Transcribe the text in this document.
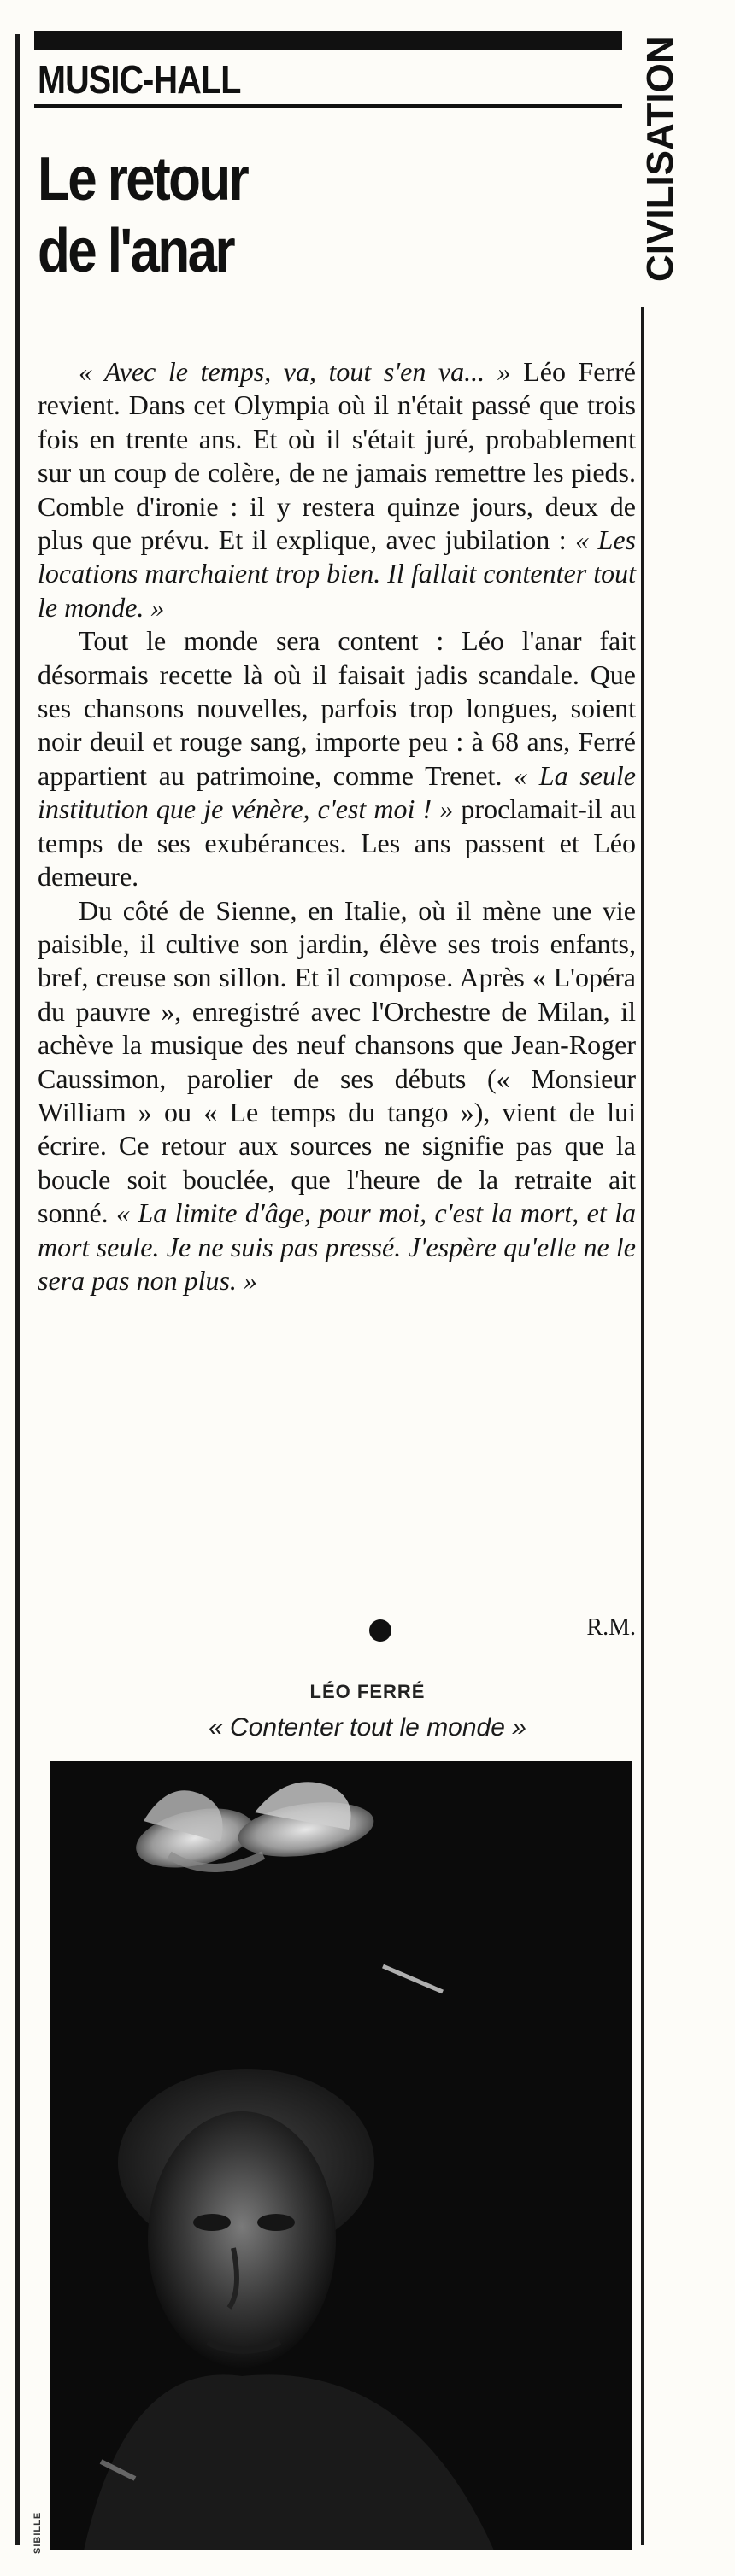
MUSIC-HALL	CIVILISATION
Le retour
de l'anar

« Avec le temps, va, tout s'en va... » Léo Ferré revient. Dans cet Olympia où il n'était passé que trois fois en trente ans. Et où il s'était juré, probablement sur un coup de colère, de ne jamais remettre les pieds. Comble d'ironie : il y restera quinze jours, deux de plus que prévu. Et il explique, avec jubilation : « Les locations marchaient trop bien. Il fallait contenter tout le monde. »

Tout le monde sera content : Léo l'anar fait désormais recette là où il faisait jadis scandale. Que ses chansons nouvelles, parfois trop longues, soient noir deuil et rouge sang, importe peu : à 68 ans, Ferré appartient au patrimoine, comme Trenet. « La seule institution que je vénère, c'est moi ! » proclamait-il au temps de ses exubérances. Les ans passent et Léo demeure.

Du côté de Sienne, en Italie, où il mène une vie paisible, il cultive son jardin, élève ses trois enfants, bref, creuse son sillon. Et il compose. Après « L'opéra du pauvre », enregistré avec l'Orchestre de Milan, il achève la musique des neuf chansons que Jean-Roger Caussimon, parolier de ses débuts (« Monsieur William » ou « Le temps du tango »), vient de lui écrire. Ce retour aux sources ne signifie pas que la boucle soit bouclée, que l'heure de la retraite ait sonné. « La limite d'âge, pour moi, c'est la mort, et la mort seule. Je ne suis pas pressé. J'espère qu'elle ne le sera pas non plus. »

R.M.
LÉO FERRÉ
« Contenter tout le monde »
SIBILLE
